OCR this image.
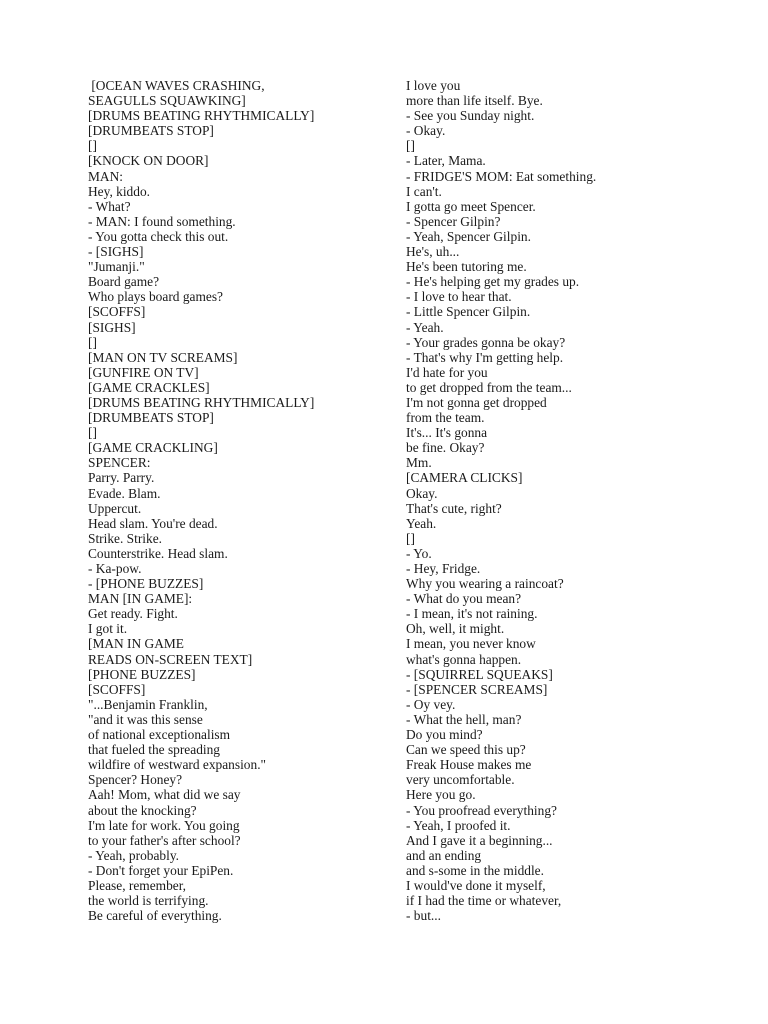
[OCEAN WAVES CRASHING,
SEAGULLS SQUAWKING]
[DRUMS BEATING RHYTHMICALLY]
[DRUMBEATS STOP]
[]
[KNOCK ON DOOR]
MAN:
Hey, kiddo.
- What?
- MAN: I found something.
- You gotta check this out.
- [SIGHS]
"Jumanji."
Board game?
Who plays board games?
[SCOFFS]
[SIGHS]
[]
[MAN ON TV SCREAMS]
[GUNFIRE ON TV]
[GAME CRACKLES]
[DRUMS BEATING RHYTHMICALLY]
[DRUMBEATS STOP]
[]
[GAME CRACKLING]
SPENCER:
Parry. Parry.
Evade. Blam.
Uppercut.
Head slam. You're dead.
Strike. Strike.
Counterstrike. Head slam.
- Ka-pow.
- [PHONE BUZZES]
MAN [IN GAME]:
Get ready. Fight.
I got it.
[MAN IN GAME
READS ON-SCREEN TEXT]
[PHONE BUZZES]
[SCOFFS]
"...Benjamin Franklin,
"and it was this sense
of national exceptionalism
that fueled the spreading
wildfire of westward expansion."
Spencer? Honey?
Aah! Mom, what did we say
about the knocking?
I'm late for work. You going
to your father's after school?
- Yeah, probably.
- Don't forget your EpiPen.
Please, remember,
the world is terrifying.
Be careful of everything.
I love you
more than life itself. Bye.
- See you Sunday night.
- Okay.
[]
- Later, Mama.
- FRIDGE'S MOM: Eat something.
I can't.
I gotta go meet Spencer.
- Spencer Gilpin?
- Yeah, Spencer Gilpin.
He's, uh...
He's been tutoring me.
- He's helping get my grades up.
- I love to hear that.
- Little Spencer Gilpin.
- Yeah.
- Your grades gonna be okay?
- That's why I'm getting help.
I'd hate for you
to get dropped from the team...
I'm not gonna get dropped
from the team.
It's... It's gonna
be fine. Okay?
Mm.
[CAMERA CLICKS]
Okay.
That's cute, right?
Yeah.
[]
- Yo.
- Hey, Fridge.
Why you wearing a raincoat?
- What do you mean?
- I mean, it's not raining.
Oh, well, it might.
I mean, you never know
what's gonna happen.
- [SQUIRREL SQUEAKS]
- [SPENCER SCREAMS]
- Oy vey.
- What the hell, man?
Do you mind?
Can we speed this up?
Freak House makes me
very uncomfortable.
Here you go.
- You proofread everything?
- Yeah, I proofed it.
And I gave it a beginning...
and an ending
and s-some in the middle.
I would've done it myself,
if I had the time or whatever,
- but...
